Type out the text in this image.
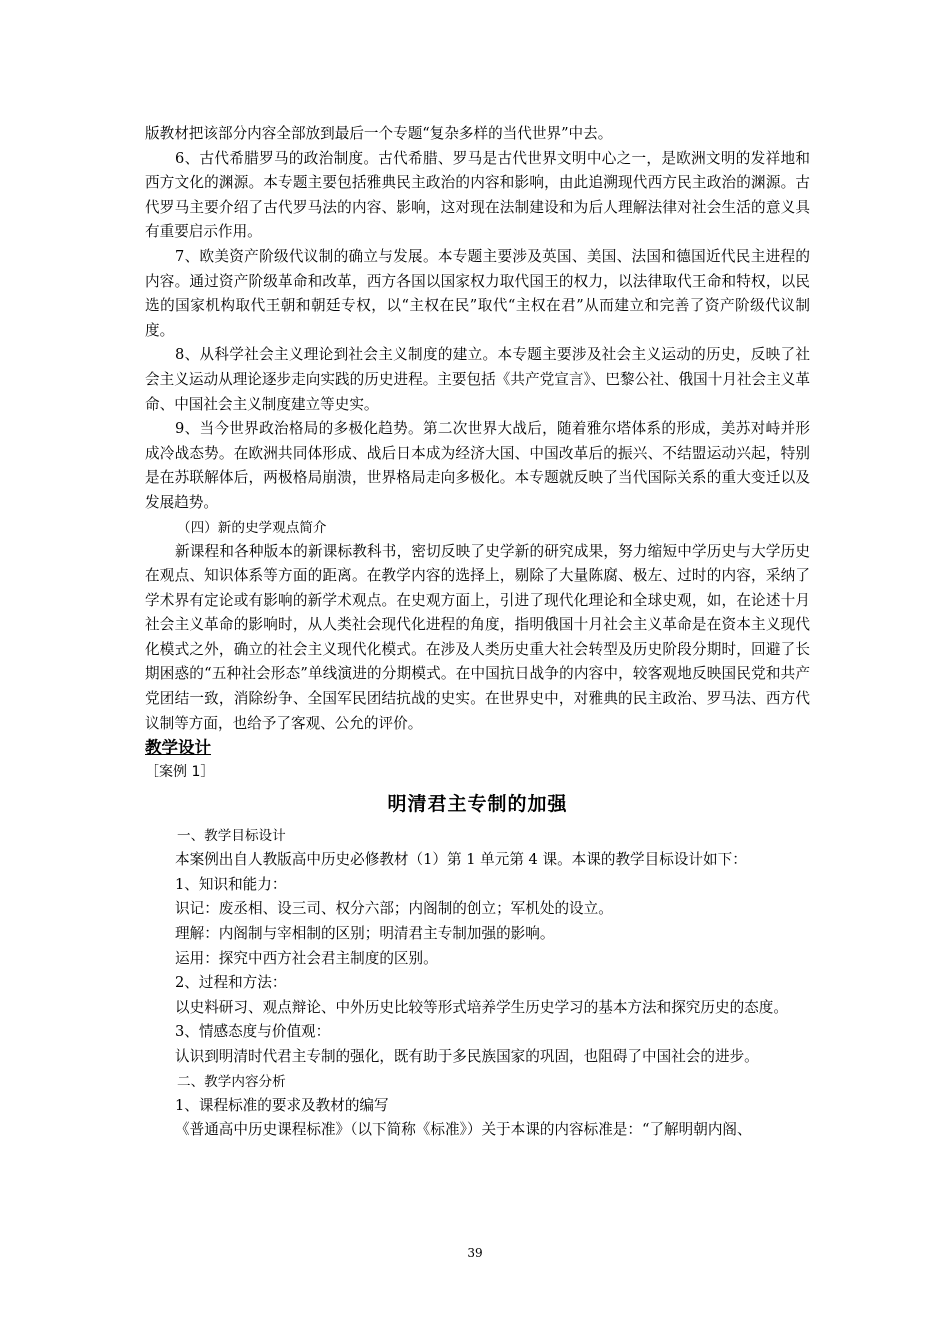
版教材把该部分内容全部放到最后一个专题“复杂多样的当代世界”中去。

6、古代希腊罗马的政治制度。古代希腊、罗马是古代世界文明中心之一，是欧洲文明的发祥地和西方文化的渊源。本专题主要包括雅典民主政治的内容和影响，由此追溯现代西方民主政治的渊源。古代罗马主要介绍了古代罗马法的内容、影响，这对现在法制建设和为后人理解法律对社会生活的意义具有重要启示作用。

7、欧美资产阶级代议制的确立与发展。本专题主要涉及英国、美国、法国和德国近代民主进程的内容。通过资产阶级革命和改革，西方各国以国家权力取代国王的权力，以法律取代王命和特权，以民选的国家机构取代王朝和朝廷专权，以“主权在民”取代“主权在君”从而建立和完善了资产阶级代议制度。

8、从科学社会主义理论到社会主义制度的建立。本专题主要涉及社会主义运动的历史，反映了社会主义运动从理论逐步走向实践的历史进程。主要包括《共产党宣言》、巴黎公社、俄国十月社会主义革命、中国社会主义制度建立等史实。

9、当今世界政治格局的多极化趋势。第二次世界大战后，随着雅尔塔体系的形成，美苏对峙并形成冷战态势。在欧洲共同体形成、战后日本成为经济大国、中国改革后的振兴、不结盟运动兴起，特别是在苏联解体后，两极格局崩溃，世界格局走向多极化。本专题就反映了当代国际关系的重大变迁以及发展趋势。

（四）新的史学观点简介

新课程和各种版本的新课标教科书，密切反映了史学新的研究成果，努力缩短中学历史与大学历史在观点、知识体系等方面的距离。在教学内容的选择上，剔除了大量陈腐、极左、过时的内容，采纳了学术界有定论或有影响的新学术观点。在史观方面上，引进了现代化理论和全球史观，如，在论述十月社会主义革命的影响时，从人类社会现代化进程的角度，指明俄国十月社会主义革命是在资本主义现代化模式之外，确立的社会主义现代化模式。在涉及人类历史重大社会转型及历史阶段分期时，回避了长期困惑的“五种社会形态”单线演进的分期模式。在中国抗日战争的内容中，较客观地反映国民党和共产党团结一致，消除纷争、全国军民团结抗战的史实。在世界史中，对雅典的民主政治、罗马法、西方代议制等方面，也给予了客观、公允的评价。

教学设计

［案例 1］

明清君主专制的加强

一、教学目标设计

本案例出自人教版高中历史必修教材（1）第 1 单元第 4 课。本课的教学目标设计如下：

1、知识和能力：

识记：废丞相、设三司、权分六部；内阁制的创立；军机处的设立。

理解：内阁制与宰相制的区别；明清君主专制加强的影响。

运用：探究中西方社会君主制度的区别。

2、过程和方法：

以史料研习、观点辩论、中外历史比较等形式培养学生历史学习的基本方法和探究历史的态度。

3、情感态度与价值观：

认识到明清时代君主专制的强化，既有助于多民族国家的巩固，也阻碍了中国社会的进步。

二、教学内容分析

1、课程标准的要求及教材的编写

《普通高中历史课程标准》（以下简称《标准》）关于本课的内容标准是：“了解明朝内阁、

39
